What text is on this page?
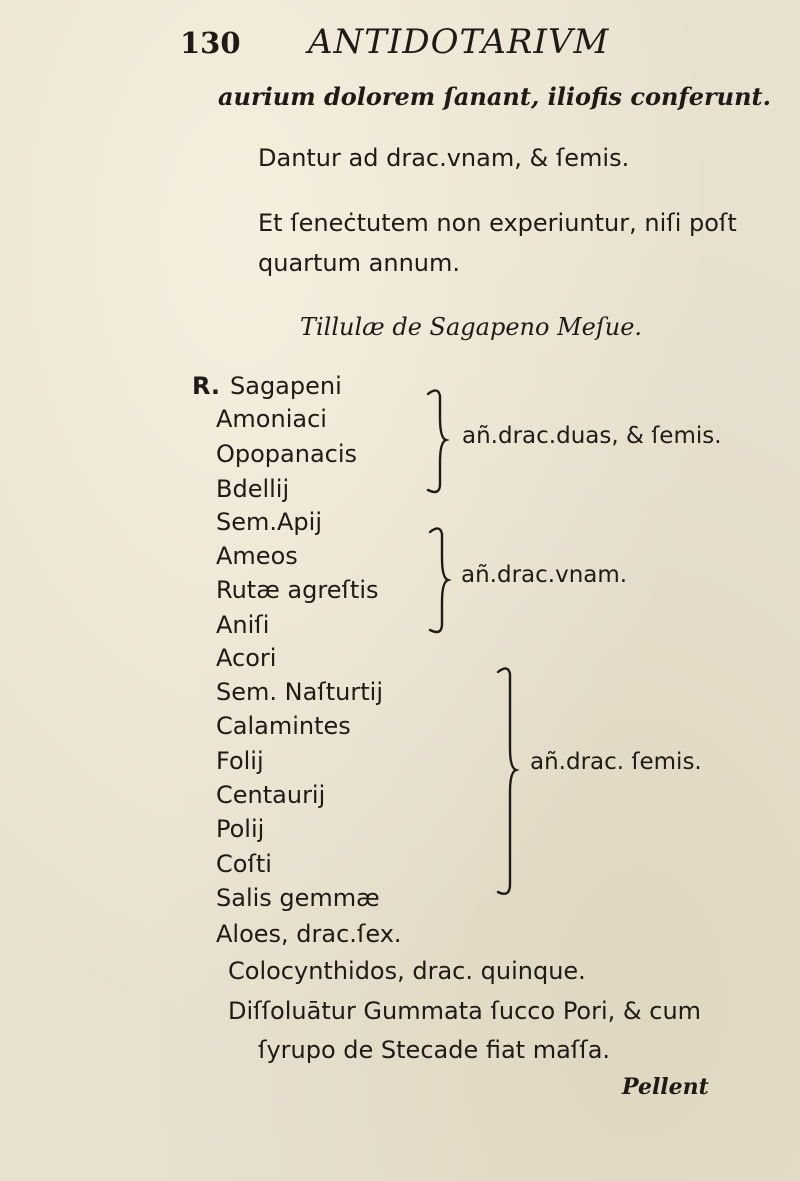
130 ANTIDOTARIVM
aurium dolorem ſanant, iliofis conferunt.
Dantur ad drac.vnam, & ſemis.
Et ſeneċtutem non experiuntur, niſi poſt
quartum annum.
Tillulæ de Sagapeno Meſue.
R. Sagapeni
Amoniaci
Opopanacis
Bdellij
Sem.Apij
Ameos
Rutæ agreſtis
Aniſi
Acori
Sem. Naſturtij
Calamintes
Folij
Centaurij
Polij
Coſti
Salis gemmæ
añ.drac.duas, & ſemis.
añ.drac.vnam.
añ.drac. ſemis.
Aloes, drac.ſex.
Colocynthidos, drac. quinque.
Diſſoluātur Gummata ſucco Pori, & cum
ſyrupo de Stecade fiat maſſa.
Pellent
